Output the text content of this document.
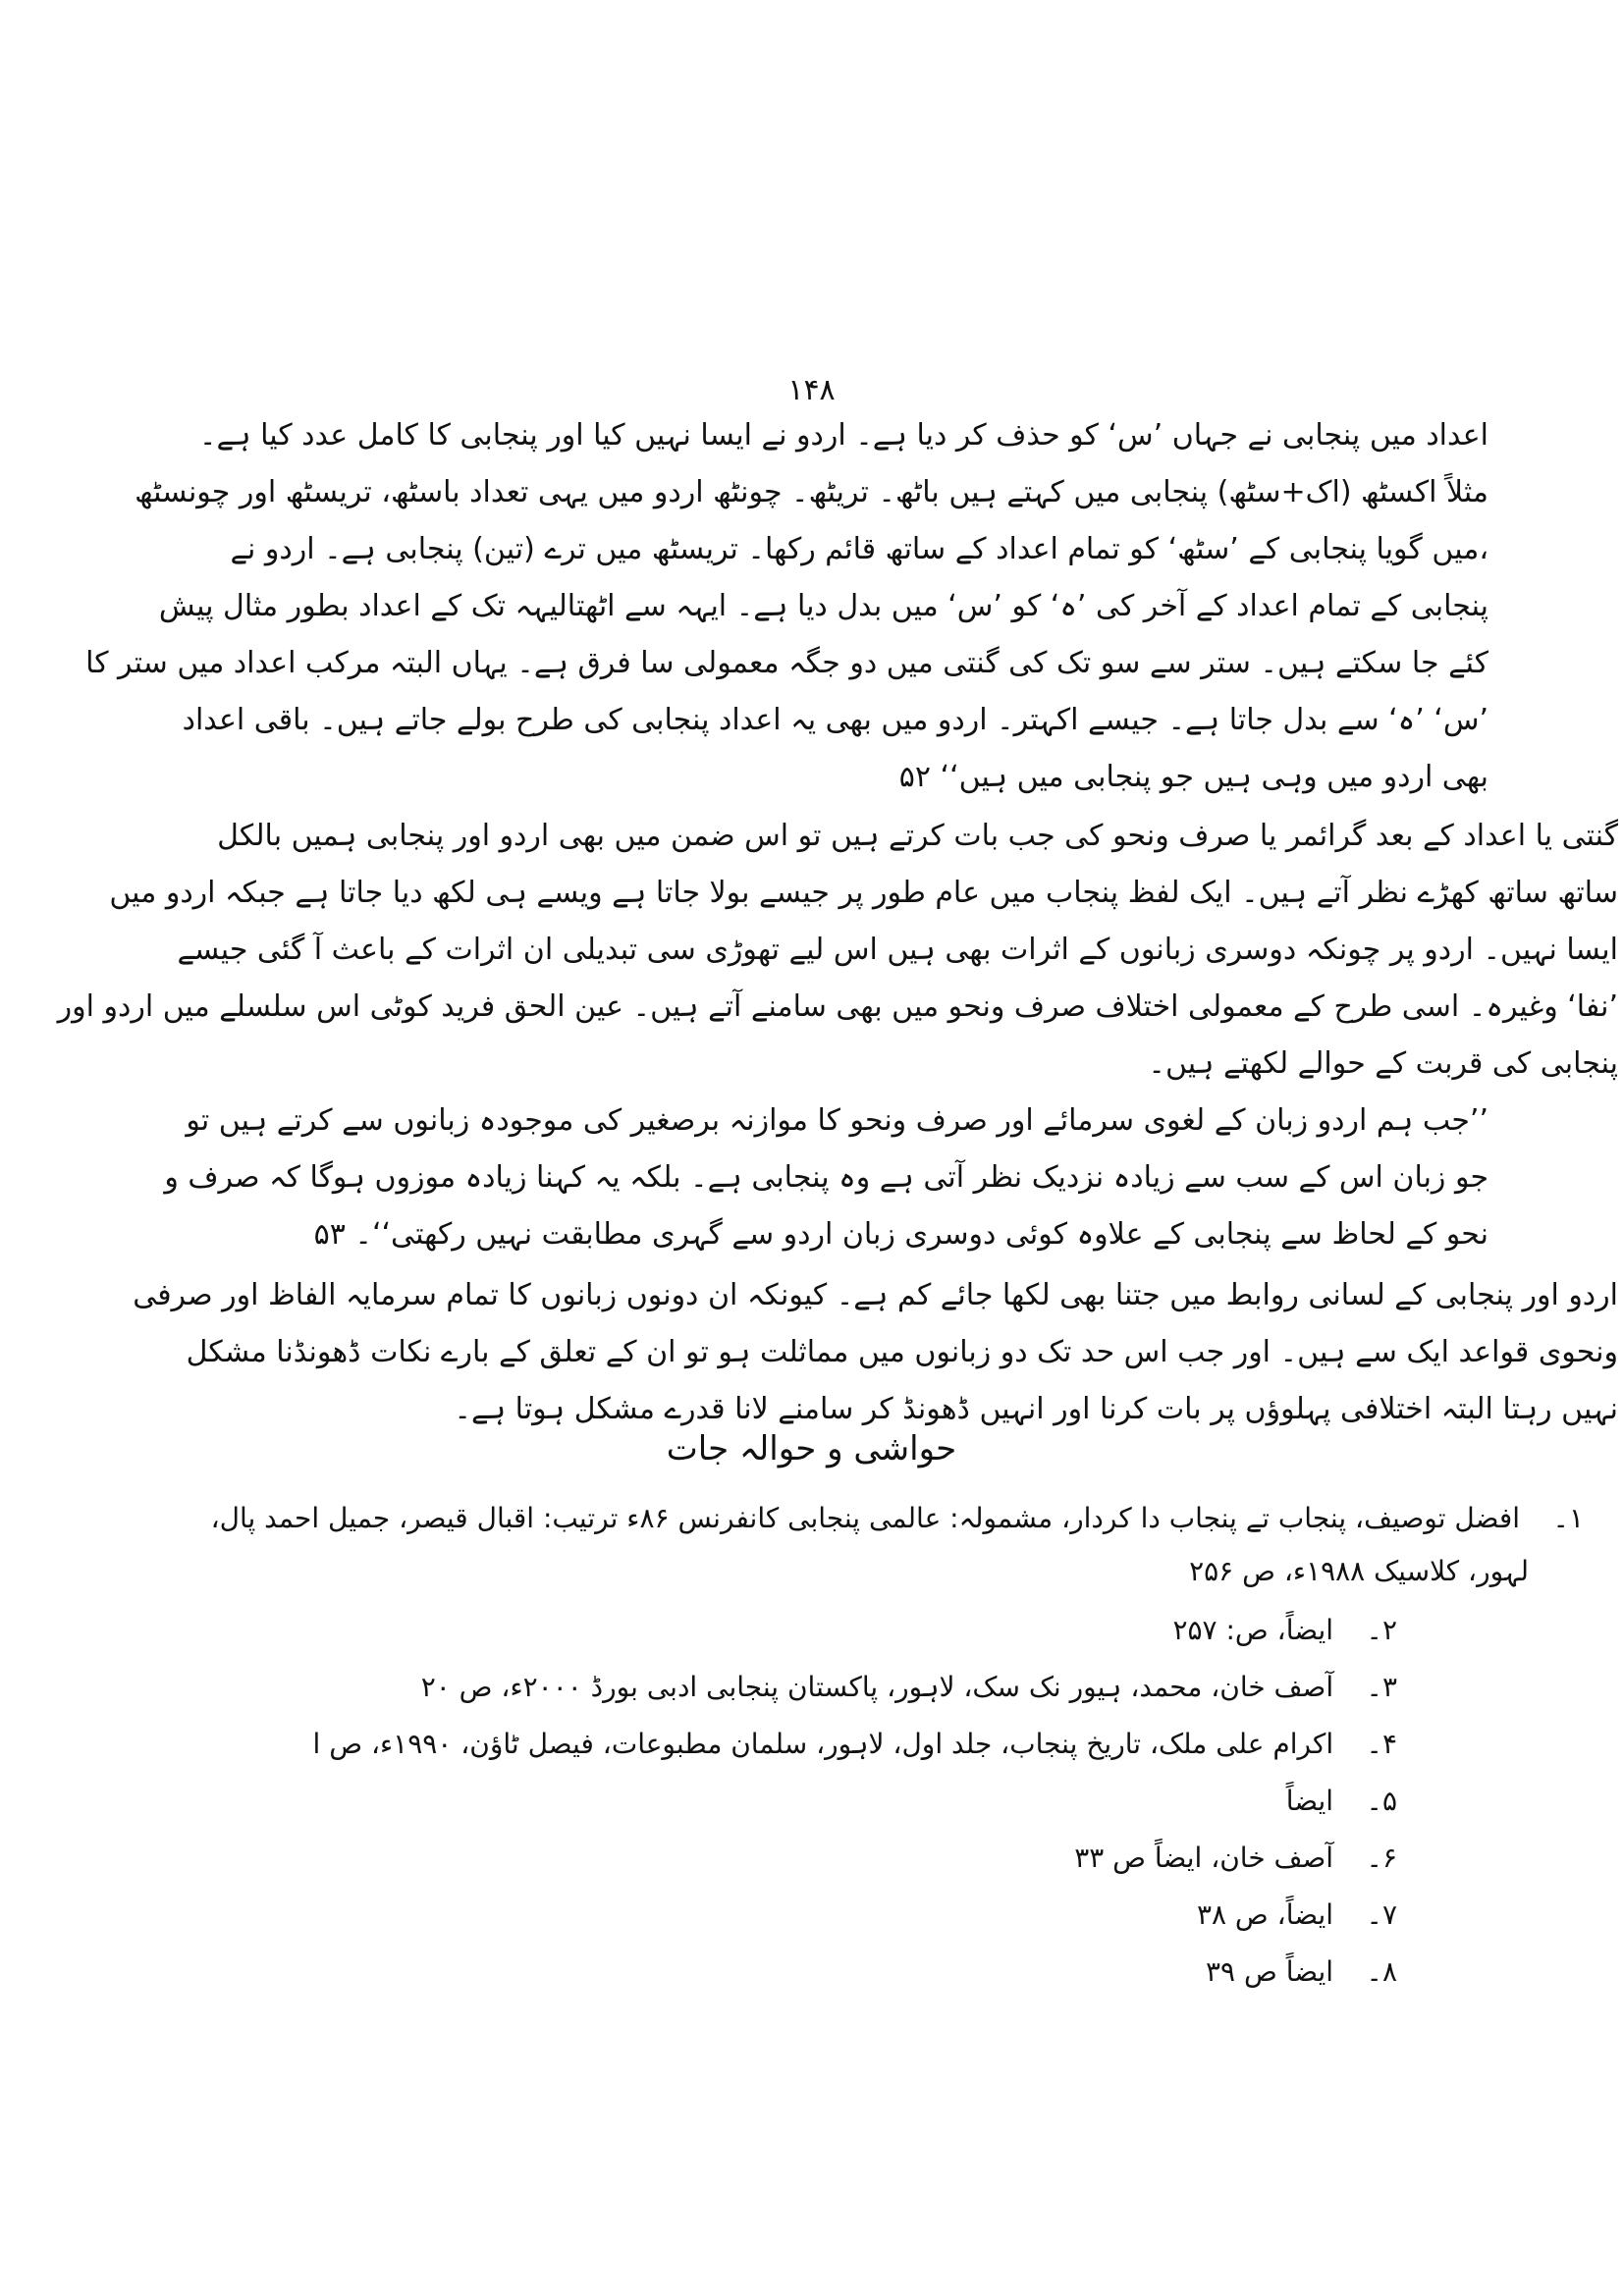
۱۴۸
اعداد میں پنجابی نے جہاں ’س‘ کو حذف کر دیا ہے۔ اردو نے ایسا نہیں کیا اور پنجابی کا کامل عدد کیا ہے۔
مثلاً اکسٹھ (اک+سٹھ) پنجابی میں کہتے ہیں باٹھ۔ تریٹھ۔ چونٹھ اردو میں یہی تعداد باسٹھ، تریسٹھ اور چونسٹھ
،میں گویا پنجابی کے ’سٹھ‘ کو تمام اعداد کے ساتھ قائم رکھا۔ تریسٹھ میں ترے (تین) پنجابی ہے۔ اردو نے
پنجابی کے تمام اعداد کے آخر کی ’ہ‘ کو ’س‘ میں بدل دیا ہے۔ ایہہ سے اٹھتالیہہ تک کے اعداد بطور مثال پیش
کئے جا سکتے ہیں۔ ستر سے سو تک کی گنتی میں دو جگہ معمولی سا فرق ہے۔ یہاں البتہ مرکب اعداد میں ستر کا
’س‘ ’ہ‘ سے بدل جاتا ہے۔ جیسے اکہتر۔ اردو میں بھی یہ اعداد پنجابی کی طرح بولے جاتے ہیں۔ باقی اعداد
بھی اردو میں وہی ہیں جو پنجابی میں ہیں‘‘ ۵۲
گنتی یا اعداد کے بعد گرائمر یا صرف ونحو کی جب بات کرتے ہیں تو اس ضمن میں بھی اردو اور پنجابی ہمیں بالکل
ساتھ ساتھ کھڑے نظر آتے ہیں۔ ایک لفظ پنجاب میں عام طور پر جیسے بولا جاتا ہے ویسے ہی لکھ دیا جاتا ہے جبکہ اردو میں
ایسا نہیں۔ اردو پر چونکہ دوسری زبانوں کے اثرات بھی ہیں اس لیے تھوڑی سی تبدیلی ان اثرات کے باعث آ گئی جیسے
’نفا‘ وغیرہ۔ اسی طرح کے معمولی اختلاف صرف ونحو میں بھی سامنے آتے ہیں۔ عین الحق فرید کوٹی اس سلسلے میں اردو اور
پنجابی کی قربت کے حوالے لکھتے ہیں۔
’’جب ہم اردو زبان کے لغوی سرمائے اور صرف ونحو کا موازنہ برصغیر کی موجودہ زبانوں سے کرتے ہیں تو
جو زبان اس کے سب سے زیادہ نزدیک نظر آتی ہے وہ پنجابی ہے۔ بلکہ یہ کہنا زیادہ موزوں ہوگا کہ صرف و
نحو کے لحاظ سے پنجابی کے علاوہ کوئی دوسری زبان اردو سے گہری مطابقت نہیں رکھتی‘‘۔ ۵۳
اردو اور پنجابی کے لسانی روابط میں جتنا بھی لکھا جائے کم ہے۔ کیونکہ ان دونوں زبانوں کا تمام سرمایہ الفاظ اور صرفی
ونحوی قواعد ایک سے ہیں۔ اور جب اس حد تک دو زبانوں میں مماثلت ہو تو ان کے تعلق کے بارے نکات ڈھونڈنا مشکل
نہیں رہتا البتہ اختلافی پہلوؤں پر بات کرنا اور انہیں ڈھونڈ کر سامنے لانا قدرے مشکل ہوتا ہے۔
حواشی و حوالہ جات
۱۔ افضل توصیف، پنجاب تے پنجاب دا کردار، مشمولہ: عالمی پنجابی کانفرنس ۸۶ء ترتیب: اقبال قیصر، جمیل احمد پال،
لہور، کلاسیک ۱۹۸۸ء، ص ۲۵۶
۲۔ ایضاً، ص: ۲۵۷
۳۔ آصف خان، محمد، ہیور نک سک، لاہور، پاکستان پنجابی ادبی بورڈ ۲۰۰۰ء، ص ۲۰
۴۔ اکرام علی ملک، تاریخ پنجاب، جلد اول، لاہور، سلمان مطبوعات، فیصل ٹاؤن، ۱۹۹۰ء، ص ا
۵۔ ایضاً
۶۔ آصف خان، ایضاً ص ۳۳
۷۔ ایضاً، ص ۳۸
۸۔ ایضاً ص ۳۹
